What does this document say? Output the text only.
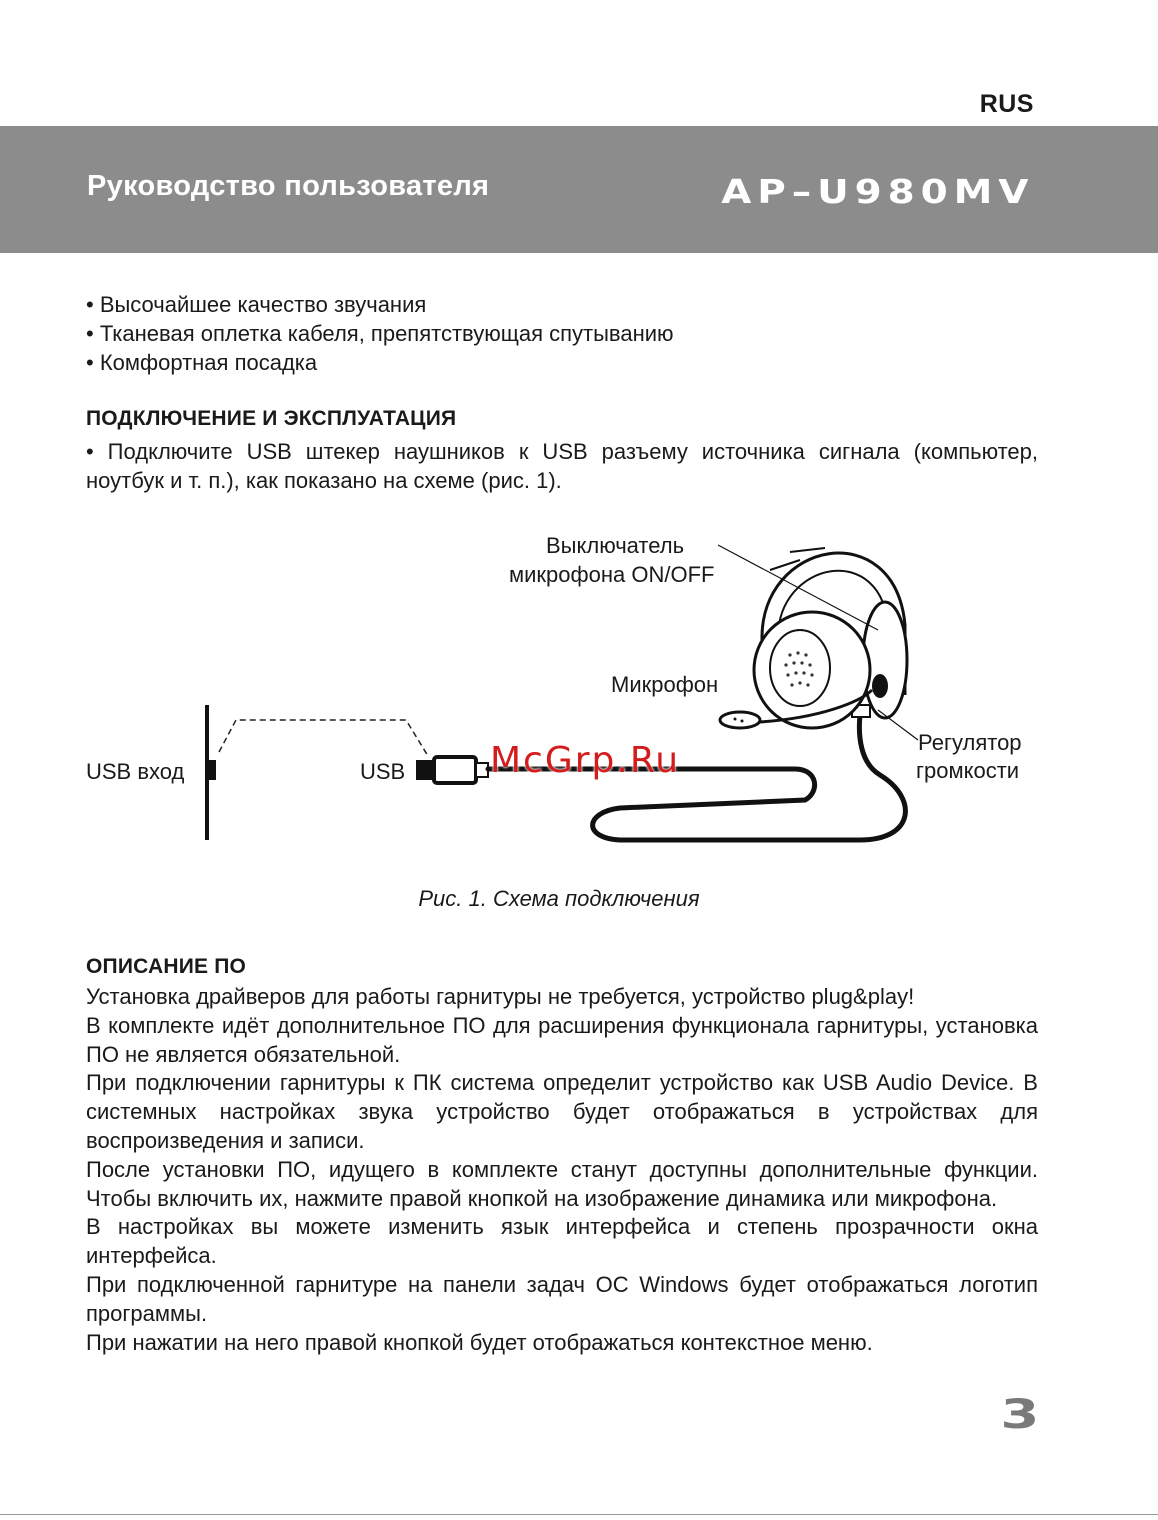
RUS
Руководство пользователя	AP–U980MV
• Высочайшее качество звучания
• Тканевая оплетка кабеля, препятствующая спутыванию
• Комфортная посадка
ПОДКЛЮЧЕНИЕ И ЭКСПЛУАТАЦИЯ

• Подключите USB штекер наушников к USB разъему источника сигнала (компьютер, ноутбук и т. п.), как показано на схеме (рис. 1).

Выключатель
микрофона ON/OFF
Микрофон
Регулятор
громкости
USB вход	USB McGrp.Ru
Рис. 1. Схема подключения
ОПИСАНИЕ ПО

Установка драйверов для работы гарнитуры не требуется, устройство plug&play!

В комплекте идёт дополнительное ПО для расширения функционала гарнитуры, установка ПО не является обязательной.

При подключении гарнитуры к ПК система определит устройство как USB Audio Device. В системных настройках звука устройство будет отображаться в устройствах для воспроизведения и записи.

После установки ПО, идущего в комплекте станут доступны дополнительные функции. Чтобы включить их, нажмите правой кнопкой на изображение динамика или микрофона.

В настройках вы можете изменить язык интерфейса и степень прозрачности окна интерфейса.

При подключенной гарнитуре на панели задач ОС Windows будет отображаться логотип программы.

При нажатии на него правой кнопкой будет отображаться контекстное меню.

3
